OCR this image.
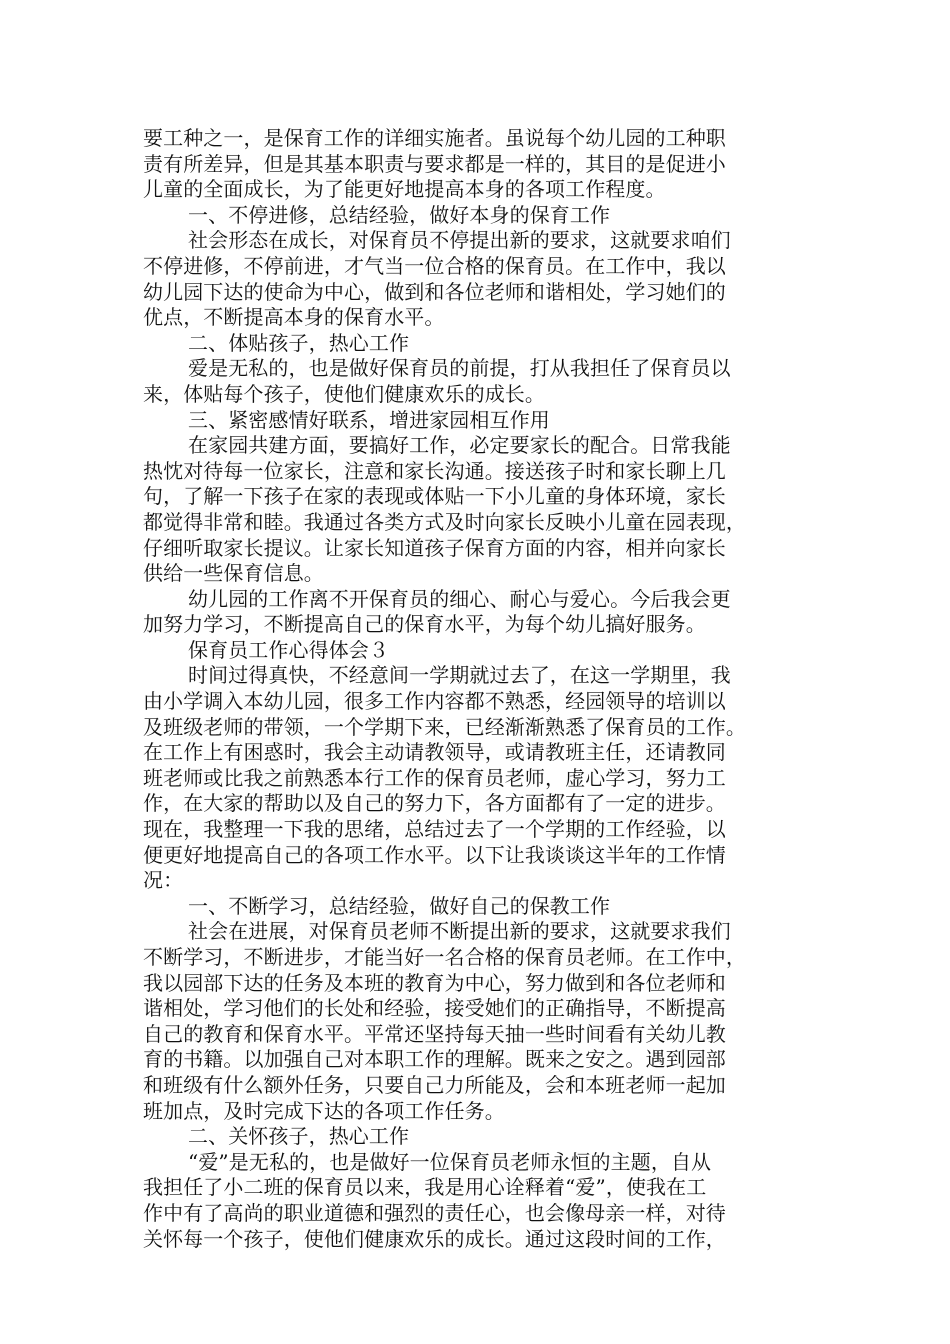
要工种之一，是保育工作的详细实施者。虽说每个幼儿园的工种职
责有所差异，但是其基本职责与要求都是一样的，其目的是促进小
儿童的全面成长，为了能更好地提高本身的各项工作程度。
一、不停进修，总结经验，做好本身的保育工作
社会形态在成长，对保育员不停提出新的要求，这就要求咱们
不停进修，不停前进，才气当一位合格的保育员。在工作中，我以
幼儿园下达的使命为中心，做到和各位老师和谐相处，学习她们的
优点，不断提高本身的保育水平。
二、体贴孩子，热心工作
爱是无私的，也是做好保育员的前提，打从我担任了保育员以
来，体贴每个孩子，使他们健康欢乐的成长。
三、紧密感情好联系，增进家园相互作用
在家园共建方面，要搞好工作，必定要家长的配合。日常我能
热忱对待每一位家长，注意和家长沟通。接送孩子时和家长聊上几
句，了解一下孩子在家的表现或体贴一下小儿童的身体环境，家长
都觉得非常和睦。我通过各类方式及时向家长反映小儿童在园表现，
仔细听取家长提议。让家长知道孩子保育方面的内容，相并向家长
供给一些保育信息。
幼儿园的工作离不开保育员的细心、耐心与爱心。今后我会更
加努力学习，不断提高自己的保育水平，为每个幼儿搞好服务。
保育员工作心得体会３
时间过得真快，不经意间一学期就过去了，在这一学期里，我
由小学调入本幼儿园，很多工作内容都不熟悉，经园领导的培训以
及班级老师的带领，一个学期下来，已经渐渐熟悉了保育员的工作。
在工作上有困惑时，我会主动请教领导，或请教班主任，还请教同
班老师或比我之前熟悉本行工作的保育员老师，虚心学习，努力工
作，在大家的帮助以及自己的努力下，各方面都有了一定的进步。
现在，我整理一下我的思绪，总结过去了一个学期的工作经验，以
便更好地提高自己的各项工作水平。以下让我谈谈这半年的工作情
况：
一、不断学习，总结经验，做好自己的保教工作
社会在进展，对保育员老师不断提出新的要求，这就要求我们
不断学习，不断进步，才能当好一名合格的保育员老师。在工作中，
我以园部下达的任务及本班的教育为中心，努力做到和各位老师和
谐相处，学习他们的长处和经验，接受她们的正确指导，不断提高
自己的教育和保育水平。平常还坚持每天抽一些时间看有关幼儿教
育的书籍。以加强自己对本职工作的理解。既来之安之。遇到园部
和班级有什么额外任务，只要自己力所能及，会和本班老师一起加
班加点，及时完成下达的各项工作任务。
二、关怀孩子，热心工作
“爱”是无私的，也是做好一位保育员老师永恒的主题，自从
我担任了小二班的保育员以来，我是用心诠释着“爱”，使我在工
作中有了高尚的职业道德和强烈的责任心，也会像母亲一样，对待
关怀每一个孩子，使他们健康欢乐的成长。通过这段时间的工作，
